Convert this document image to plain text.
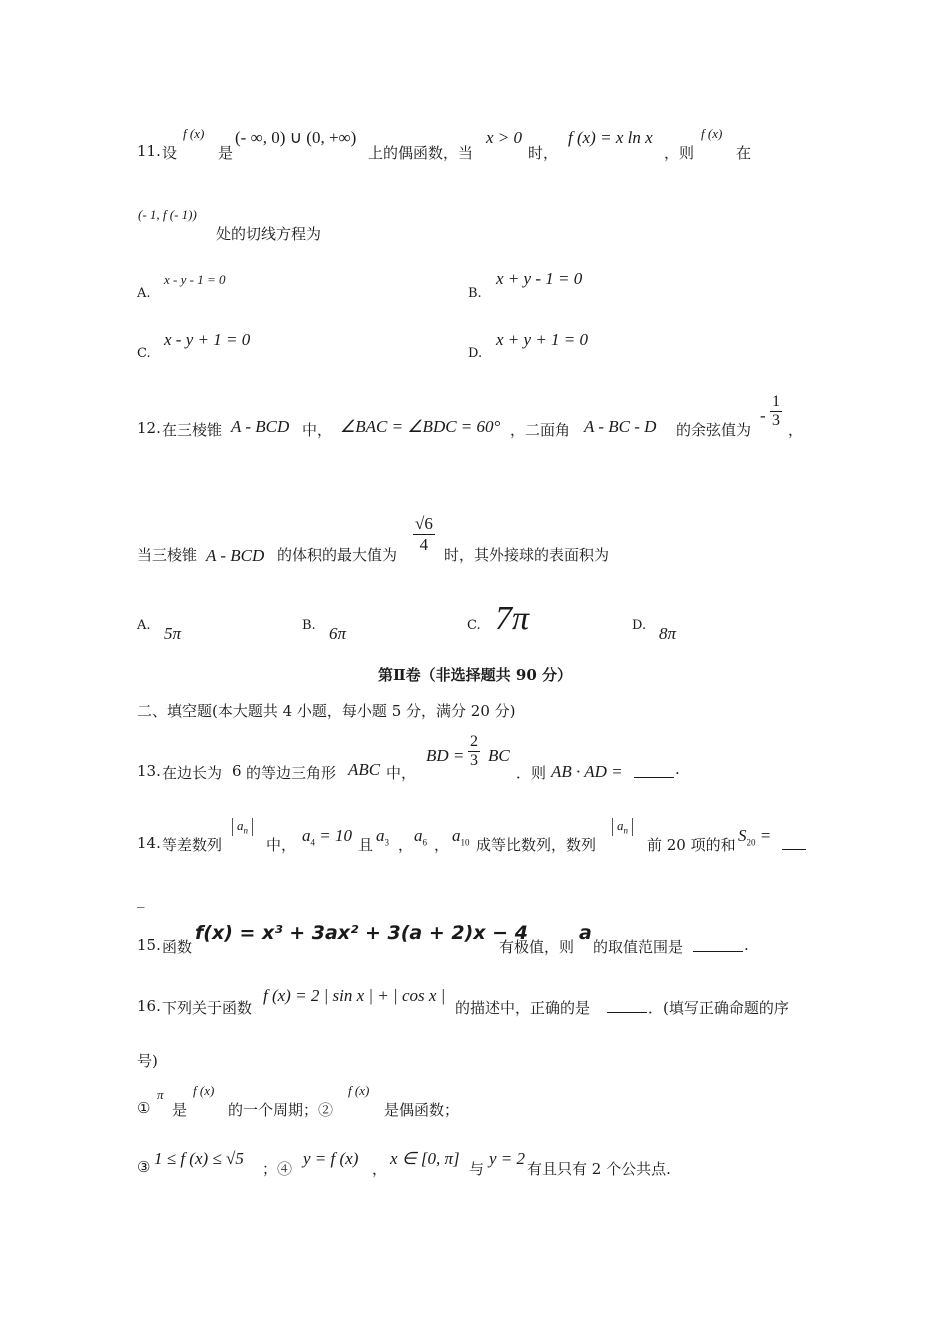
11. 设
f (x)
是
(- ∞, 0) ∪ (0, +∞)
上的偶函数，当
x > 0
时，
f (x) = x ln x
，则
f (x)
在
(- 1, f (- 1))
处的切线方程为
A.
x - y - 1 = 0
B.
x + y - 1 = 0
C.
x - y + 1 = 0
D.
x + y + 1 = 0
12. 在三棱锥 A - BCD 中， ∠BAC = ∠BDC = 60° ，二面角 A - BC - D 的余弦值为
- $\frac{1}{3}$ ，
当三棱锥 A - BCD 的体积的最大值为 $\frac{√6}{4}$ 时，其外接球的表面积为
A. 5π	B. 6π	C. 7π	D. 8π
第Ⅱ卷（非选择题共 90 分）
二、填空题(本大题共 4 小题，每小题 5 分，满分 20 分)
13. 在边长为 6 的等边三角形 ABC 中，
BD = $\frac{2}{3}$ BC
．则 AB · AD =	.
14. 等差数列
$a_n$
中， $a_4 = 10$ 且 $a_3$ ， $a_6$ ， $a_{10}$ 成等比数列，数列
$a_n$
前 20 项的和 $S_{20}$ =
_
15. 函数
f(x) = x³ + 3ax² + 3(a + 2)x − 4
有极值，则
a
的取值范围是	.
16. 下列关于函数
f (x) = 2 | sin x | + | cos x |
的描述中，正确的是	．(填写正确命题的序
号)
①
π
是
f (x)
的一个周期；②
f (x)
是偶函数；
③ 1 ≤ f (x) ≤ √5
；④
y = f (x)
，
x ∈ [0, π]
与
y = 2
有且只有 2 个公共点.
